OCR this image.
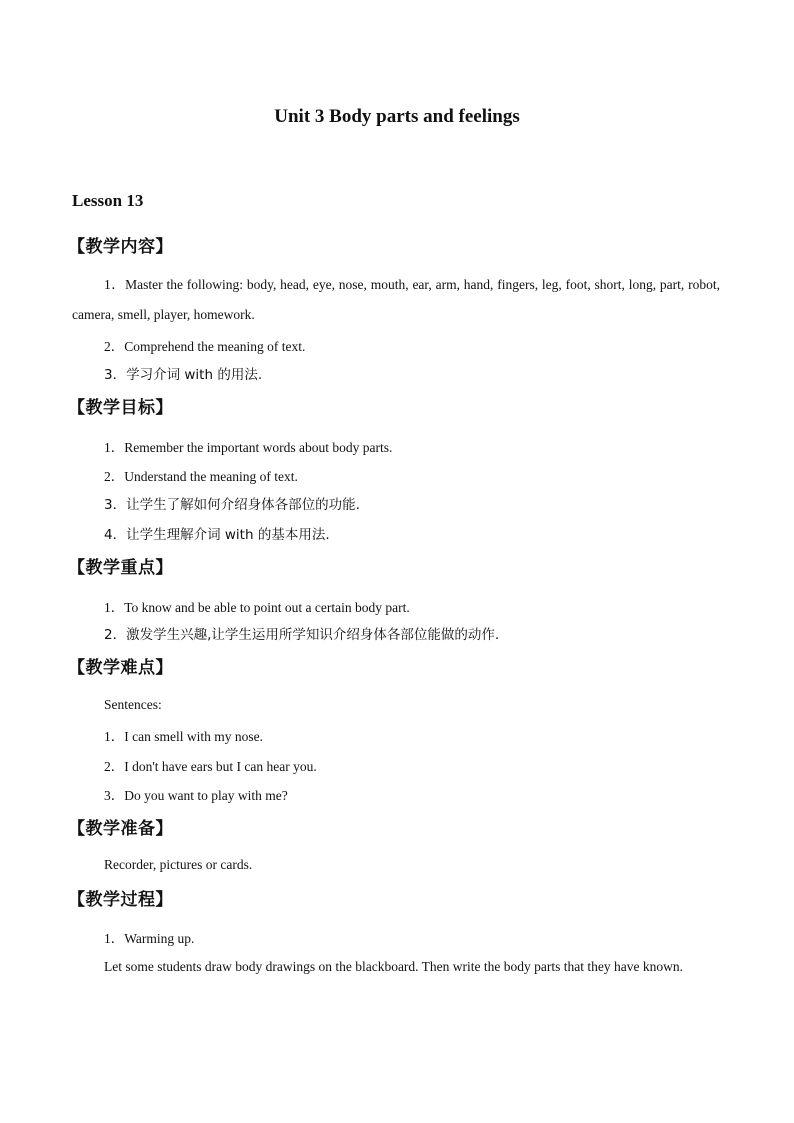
Unit 3 Body parts and feelings
Lesson 13
【教学内容】
1．Master the following: body, head, eye, nose, mouth, ear, arm, hand, fingers, leg, foot, short, long, part, robot, camera, smell, player, homework.
2．Comprehend the meaning of text.
3．学习介词 with 的用法.
【教学目标】
1．Remember the important words about body parts.
2．Understand the meaning of text.
3．让学生了解如何介绍身体各部位的功能.
4．让学生理解介词 with 的基本用法.
【教学重点】
1．To know and be able to point out a certain body part.
2．激发学生兴趣,让学生运用所学知识介绍身体各部位能做的动作.
【教学难点】
Sentences:
1．I can smell with my nose.
2．I don't have ears but I can hear you.
3．Do you want to play with me?
【教学准备】
Recorder, pictures or cards.
【教学过程】
1．Warming up.
Let some students draw body drawings on the blackboard. Then write the body parts that they have known.
